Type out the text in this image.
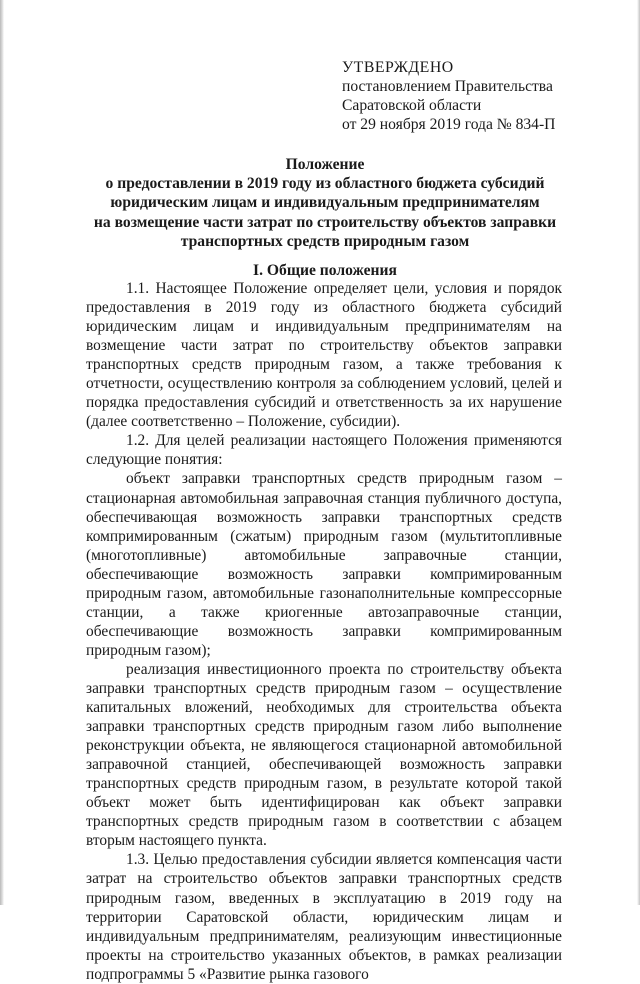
УТВЕРЖДЕНО
постановлением Правительства
Саратовской области
от 29 ноября 2019 года № 834-П
Положение
о предоставлении в 2019 году из областного бюджета субсидий
юридическим лицам и индивидуальным предпринимателям
на возмещение части затрат по строительству объектов заправки
транспортных средств природным газом
I. Общие положения

1.1. Настоящее Положение определяет цели, условия и порядок предоставления в 2019 году из областного бюджета субсидий юридическим лицам и индивидуальным предпринимателям на возмещение части затрат по строительству объектов заправки транспортных средств природным газом, а также требования к отчетности, осуществлению контроля за соблюдением условий, целей и порядка предоставления субсидий и ответственность за их нарушение (далее соответственно – Положение, субсидии).

1.2. Для целей реализации настоящего Положения применяются следующие понятия:

объект заправки транспортных средств природным газом – стационарная автомобильная заправочная станция публичного доступа, обеспечивающая возможность заправки транспортных средств компримированным (сжатым) природным газом (мультитопливные (многотопливные) автомобильные заправочные станции, обеспечивающие возможность заправки компримированным природным газом, автомобильные газонаполнительные компрессорные станции, а также криогенные автозаправочные станции, обеспечивающие возможность заправки компримированным природным газом);

реализация инвестиционного проекта по строительству объекта заправки транспортных средств природным газом – осуществление капитальных вложений, необходимых для строительства объекта заправки транспортных средств природным газом либо выполнение реконструкции объекта, не являющегося стационарной автомобильной заправочной станцией, обеспечивающей возможность заправки транспортных средств природным газом, в результате которой такой объект может быть идентифицирован как объект заправки транспортных средств природным газом в соответствии с абзацем вторым настоящего пункта.

1.3. Целью предоставления субсидии является компенсация части затрат на строительство объектов заправки транспортных средств природным газом, введенных в эксплуатацию в 2019 году на территории Саратовской области, юридическим лицам и индивидуальным предпринимателям, реализующим инвестиционные проекты на строительство указанных объектов, в рамках реализации подпрограммы 5 «Развитие рынка газового
